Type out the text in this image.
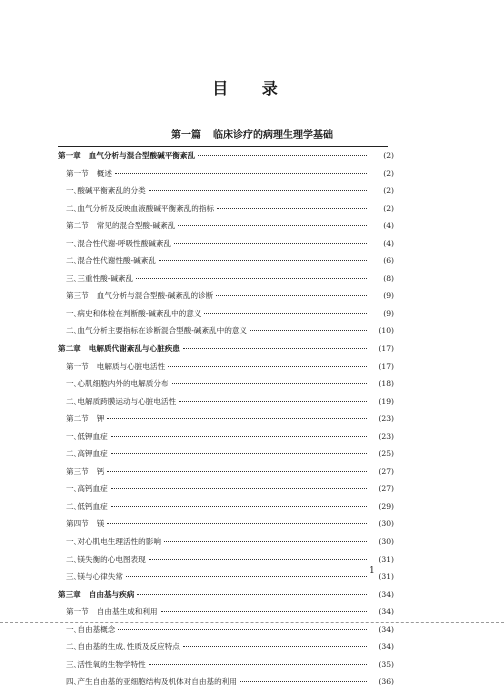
目 录
第一篇 临床诊疗的病理生理学基础
第一章 血气分析与混合型酸碱平衡紊乱	(2)
第一节 概述	(2)
一､酸碱平衡紊乱的分类	(2)
二､血气分析及反映血液酸碱平衡紊乱的指标	(2)
第二节 常见的混合型酸-碱紊乱	(4)
一､混合性代谢-呼吸性酸碱紊乱	(4)
二､混合性代谢性酸-碱紊乱	(6)
三､三重性酸-碱紊乱	(8)
第三节 血气分析与混合型酸-碱紊乱的诊断	(9)
一､病史和体检在判断酸-碱紊乱中的意义	(9)
二､血气分析主要指标在诊断混合型酸-碱紊乱中的意义	(10)
第二章 电解质代谢紊乱与心脏疾患	(17)
第一节 电解质与心脏电活性	(17)
一､心肌细胞内外的电解质分布	(18)
二､电解质跨膜运动与心脏电活性	(19)
第二节 钾	(23)
一､低钾血症	(23)
二､高钾血症	(25)
第三节 钙	(27)
一､高钙血症	(27)
二､低钙血症	(29)
第四节 镁	(30)
一､对心肌电生理活性的影响	(30)
二､镁失衡的心电图表现	(31)
三､镁与心律失常	(31)
第三章 自由基与疾病	(34)
第一节 自由基生成和利用	(34)
一､自由基概念	(34)
二､自由基的生成､性质及反应特点	(34)
三､活性氧的生物学特性	(35)
四､产生自由基的亚细胞结构及机体对自由基的利用	(36)
1
